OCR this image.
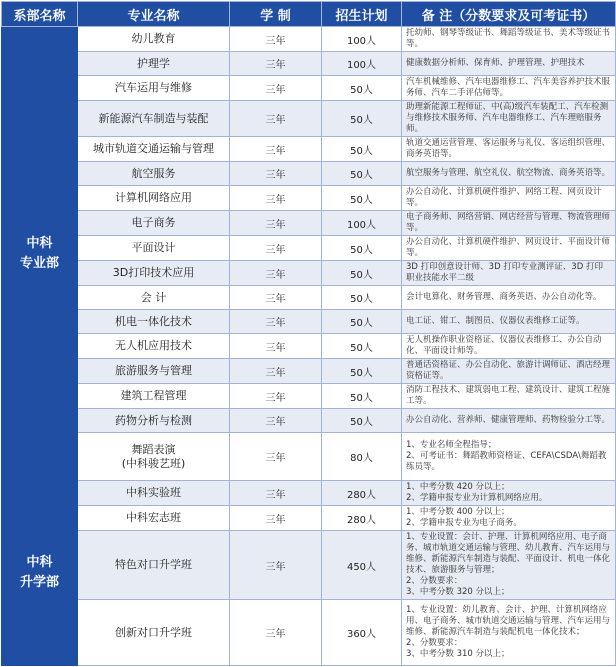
系部名称	专业名称	学 制	招生计划	备 注（分数要求及可考证书）
中科
专业部	幼儿教育	三年	100人	托幼师、钢琴等级证书、舞蹈等级证书、美术等级证书等。
	护理学	三年	100人	健康数据分析师、保育师、护理管理、护理技术
	汽车运用与维修	三年	50人	汽车机械维修、汽车电器维修工、汽车美容养护技术服务师、汽车二手评估师等。
	新能源汽车制造与装配	三年	50人	助理新能源工程师证、中(高)级汽车装配工、汽车检测与维修技术服务师、汽车电器维修工、汽车理赔服务师。
	城市轨道交通运输与管理	三年	50人	轨道交通运营管理、客运服务与礼仪、客运组织管理、商务英语等。
	航空服务	三年	50人	航空服务与管理、航空礼仪、航空物流、商务英语等。
	计算机网络应用	三年	50人	办公自动化、计算机硬件维护、网络工程、网页设计等。
	电子商务	三年	100人	电子商务师、网络营销、网店经营与管理、物流管理师等。
	平面设计	三年	50人	办公自动化、计算机硬件维护、网页设计、平面设计师等。
	3D打印技术应用	三年	50人	3D 打印创意设计师、3D 打印专业测评证、3D 打印职业技能水平二级
	会 计	三年	50人	会计电算化、财务管理、商务英语、办公自动化等。
	机电一体化技术	三年	50人	电工证、钳工、制图员、仪器仪表维修工证等。
	无人机应用技术	三年	50人	无人机操作职业资格证、仪器仪表维修工、办公自动化、平面设计师等。
	旅游服务与管理	三年	50人	普通话资格证、办公自动化、旅游计调师证、酒店经理资格证等。
	建筑工程管理	三年	50人	消防工程技术、建筑弱电工程、建筑设计、建筑工程施工等。
	药物分析与检测	三年	50人	办公自动化、营养师、健康管理师、药物检验分工等。
	舞蹈表演
(中科骏艺班)	三年	80人	1、专业名师全程指导；
2、可考证书：舞蹈教师资格证、CEFA\CSDA\舞蹈教练员等。
中科
升学部	中科实验班	三年	280人	1、中考分数 420 分以上；
2、学籍申报专业为计算机网络应用。
	中科宏志班	三年	280人	1、中考分数 400 分以上；
2、学籍申报专业为电子商务。
	特色对口升学班	三年	450人	1、专业设置：会计、护理、计算机网络应用、电子商务、城市轨道交通运输与管理、幼儿教育、汽车运用与维修、新能源汽车制造与装配、平面设计、机电一体化技术、旅游服务与管理；
2、分数要求：
3、中考分数 320 分以上；
	创新对口升学班	三年	360人	1、专业设置：幼儿教育、会计、护理、计算机网络应用、电子商务、城市轨道交通运输与管理、汽车运用与维修、新能源汽车制造与装配机电一体化技术；
2、分数要求：
3、中考分数 310 分以上；
